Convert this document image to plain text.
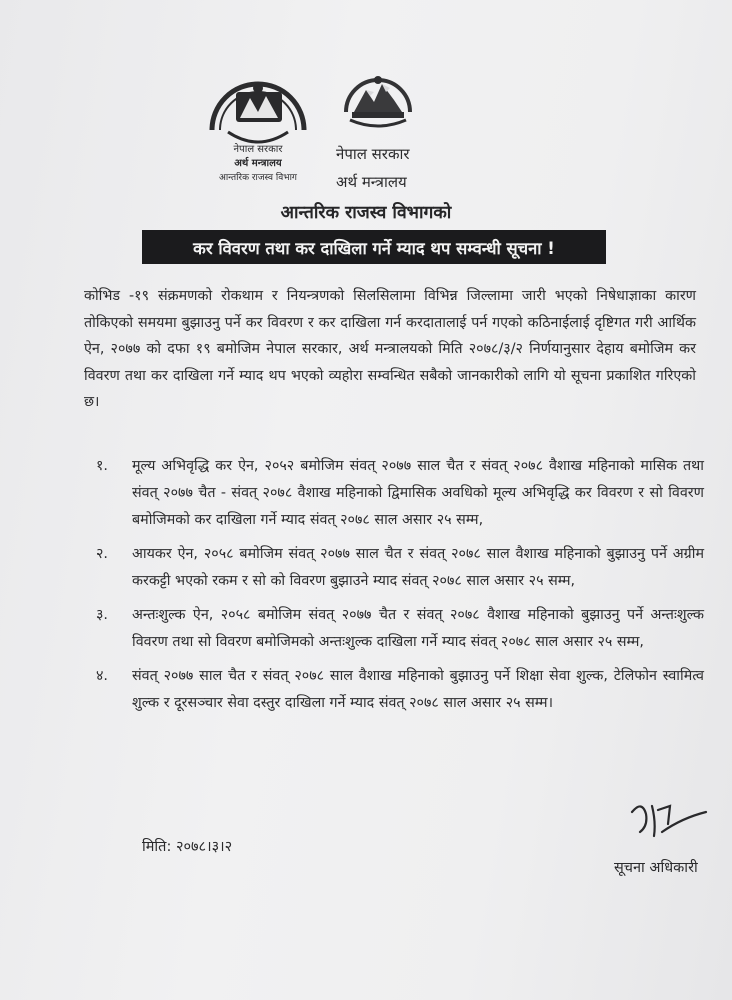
नेपाल सरकार
अर्थ मन्त्रालय
आन्तरिक राजस्व विभाग
नेपाल सरकार
अर्थ मन्त्रालय
आन्तरिक राजस्व विभागको
कर विवरण तथा कर दाखिला गर्ने म्याद थप सम्वन्धी सूचना !
कोभिड -१९ संक्रमणको रोकथाम र नियन्त्रणको सिलसिलामा विभिन्न जिल्लामा जारी भएको निषेधाज्ञाका कारण तोकिएको समयमा बुझाउनु पर्ने कर विवरण र कर दाखिला गर्न करदातालाई पर्न गएको कठिनाईलाई दृष्टिगत गरी आर्थिक ऐन, २०७७ को दफा १९ बमोजिम नेपाल सरकार, अर्थ मन्त्रालयको मिति २०७८/३/२ निर्णयानुसार देहाय बमोजिम कर विवरण तथा कर दाखिला गर्ने म्याद थप भएको व्यहोरा सम्वन्धित सबैको जानकारीको लागि यो सूचना प्रकाशित गरिएको छ।
१. मूल्य अभिवृद्धि कर ऐन, २०५२ बमोजिम संवत् २०७७ साल चैत र संवत् २०७८ वैशाख महिनाको मासिक तथा संवत् २०७७ चैत - संवत् २०७८ वैशाख महिनाको द्विमासिक अवधिको मूल्य अभिवृद्धि कर विवरण र सो विवरण बमोजिमको कर दाखिला गर्ने म्याद संवत् २०७८ साल असार २५ सम्म,
२. आयकर ऐन, २०५८ बमोजिम संवत् २०७७ साल चैत र संवत् २०७८ साल वैशाख महिनाको बुझाउनु पर्ने अग्रीम करकट्टी भएको रकम र सो को विवरण बुझाउने म्याद संवत् २०७८ साल असार २५ सम्म,
३. अन्तःशुल्क ऐन, २०५८ बमोजिम संवत् २०७७ चैत र संवत् २०७८ वैशाख महिनाको बुझाउनु पर्ने अन्तःशुल्क विवरण तथा सो विवरण बमोजिमको अन्तःशुल्क दाखिला गर्ने म्याद संवत् २०७८ साल असार २५ सम्म,
४. संवत् २०७७ साल चैत र संवत् २०७८ साल वैशाख महिनाको बुझाउनु पर्ने शिक्षा सेवा शुल्क, टेलिफोन स्वामित्व शुल्क र दूरसञ्चार सेवा दस्तुर दाखिला गर्ने म्याद संवत् २०७८ साल असार २५ सम्म।
मिति: २०७८।३।२
सूचना अधिकारी
